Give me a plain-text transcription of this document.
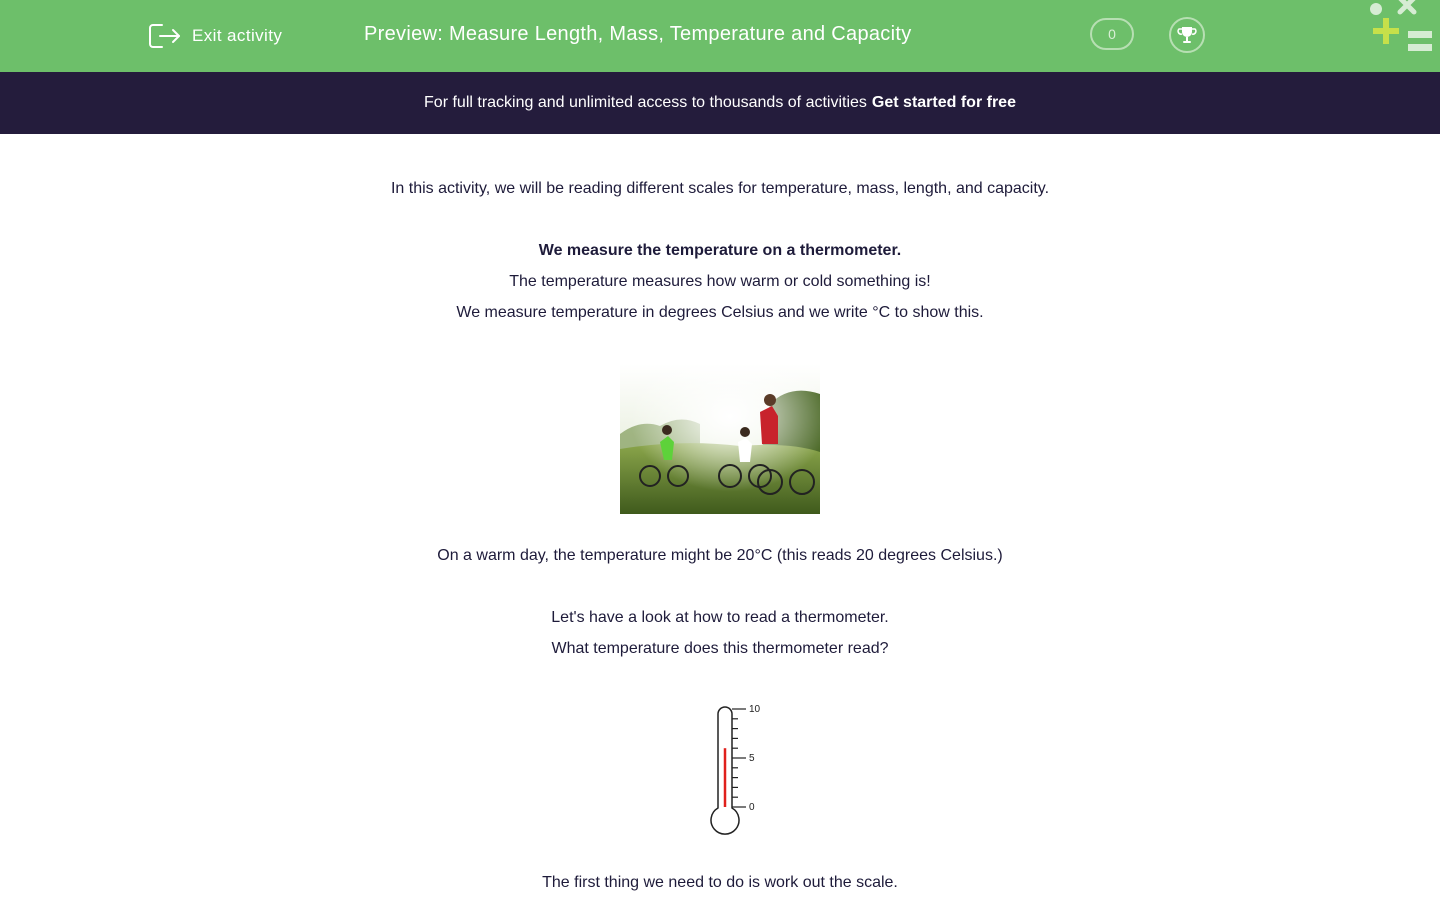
Exit activity	Preview: Measure Length, Mass, Temperature and Capacity	0
For full tracking and unlimited access to thousands of activities Get started for free
In this activity, we will be reading different scales for temperature, mass, length, and capacity.
We measure the temperature on a thermometer.
The temperature measures how warm or cold something is!
We measure temperature in degrees Celsius and we write °C to show this.
On a warm day, the temperature might be 20°C (this reads 20 degrees Celsius.)
Let's have a look at how to read a thermometer.
What temperature does this thermometer read?
10
5
0
The first thing we need to do is work out the scale.
